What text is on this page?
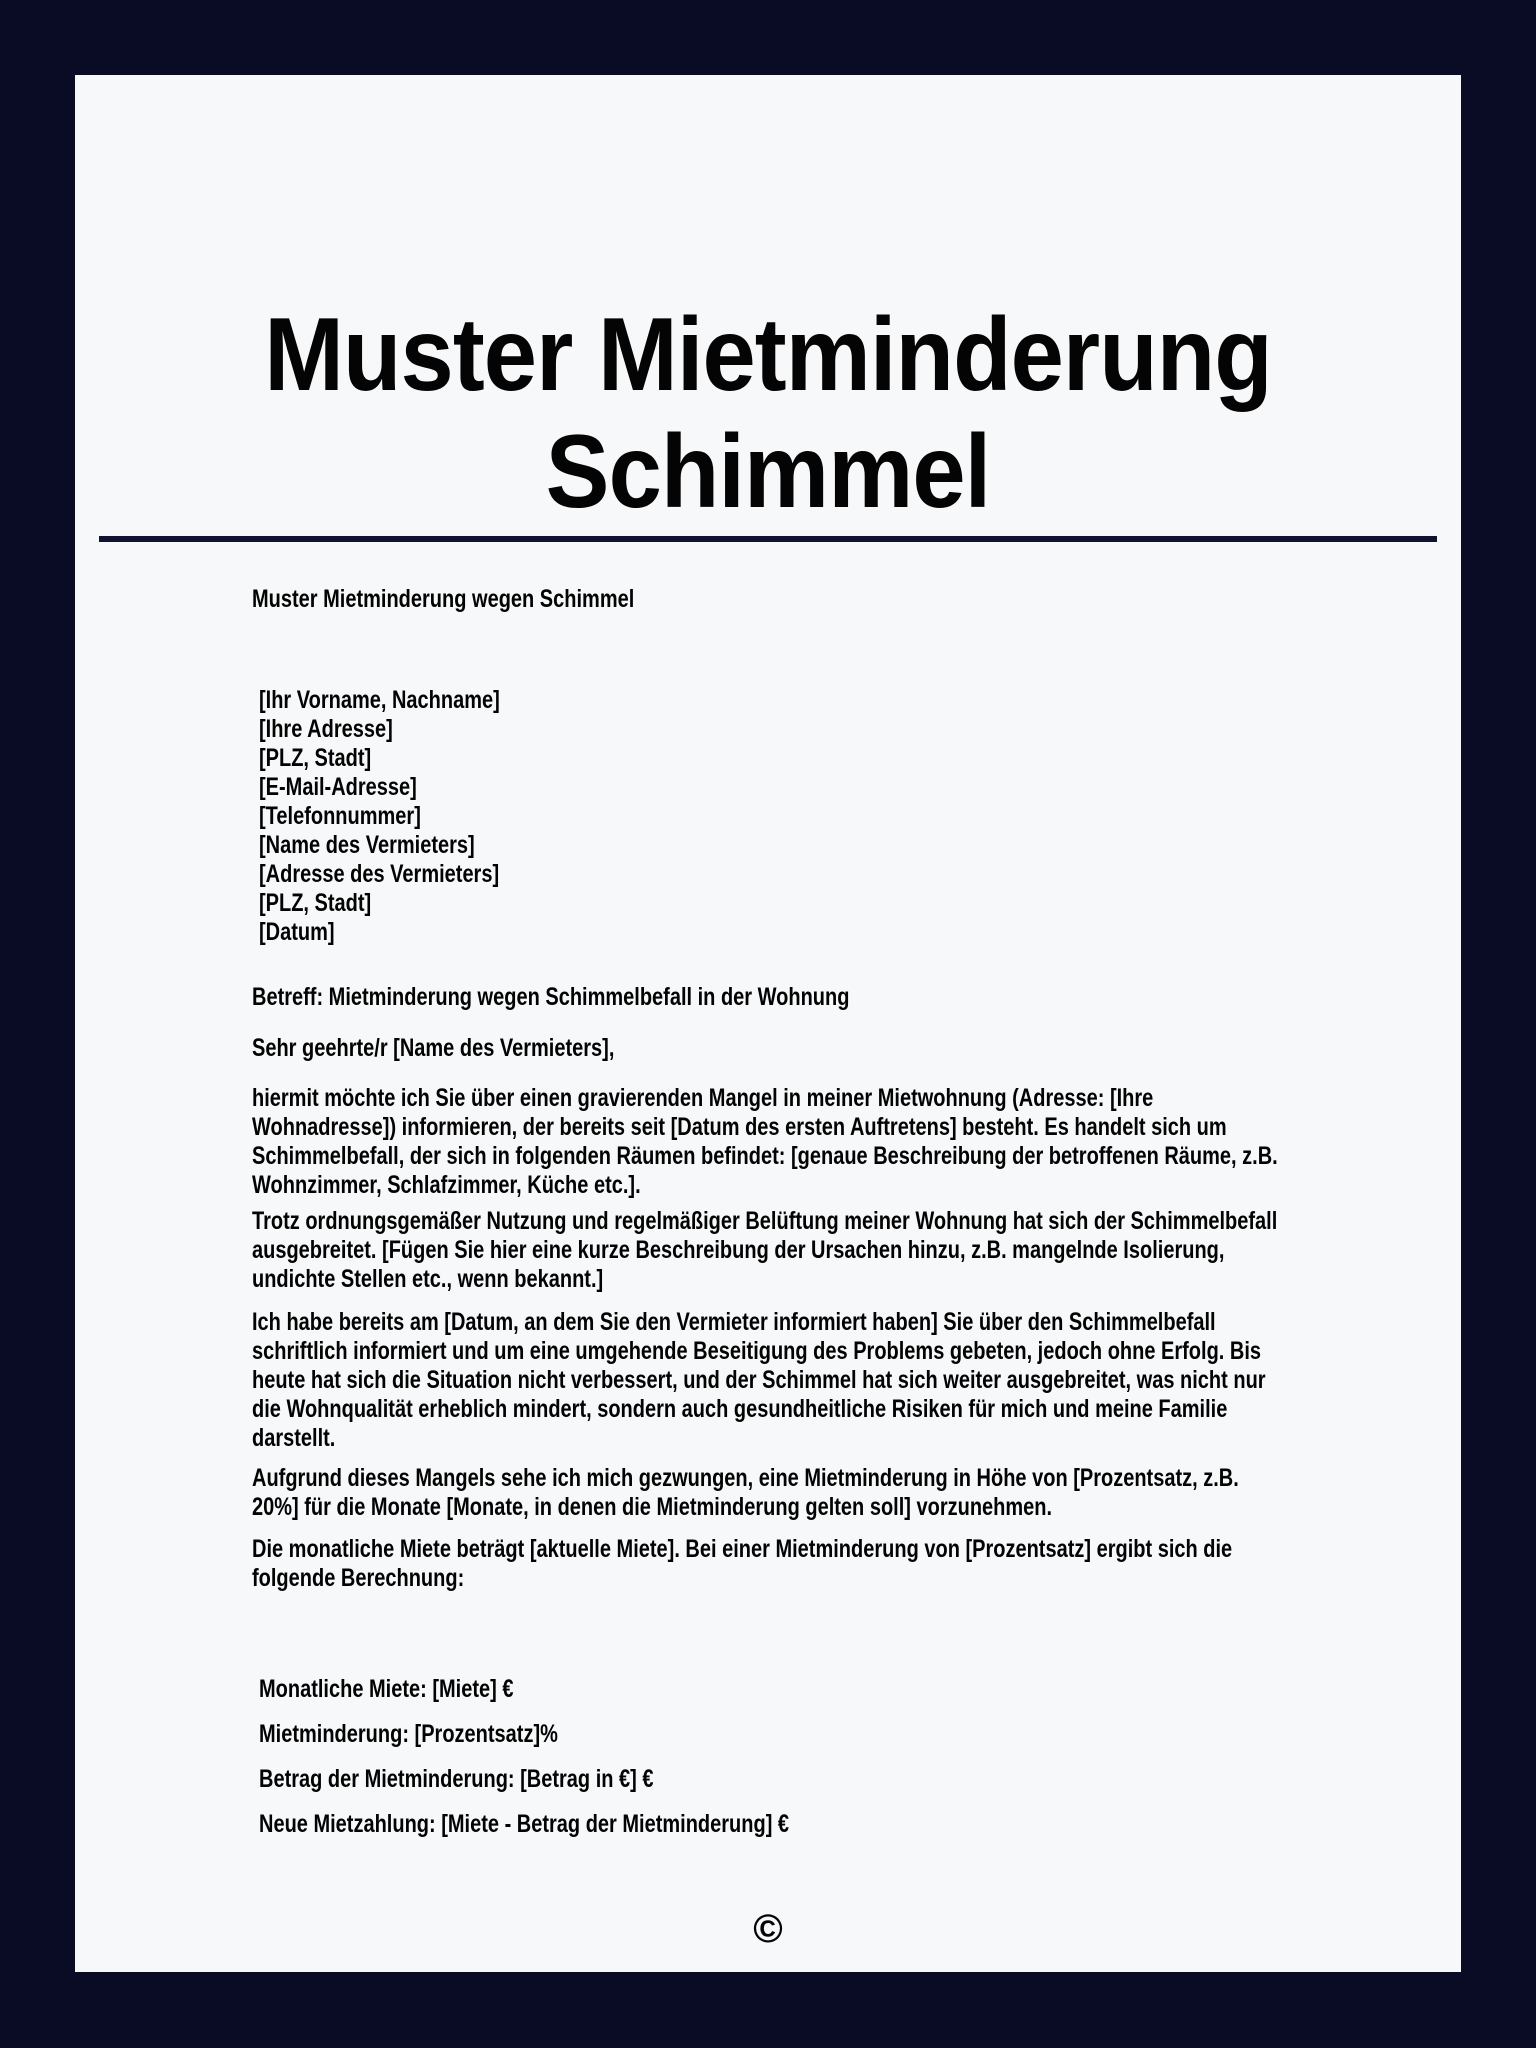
Muster Mietminderung
Schimmel
Muster Mietminderung wegen Schimmel
[Ihr Vorname, Nachname]
[Ihre Adresse]
[PLZ, Stadt]
[E-Mail-Adresse]
[Telefonnummer]
[Name des Vermieters]
[Adresse des Vermieters]
[PLZ, Stadt]
[Datum]
Betreff: Mietminderung wegen Schimmelbefall in der Wohnung
Sehr geehrte/r [Name des Vermieters],
hiermit möchte ich Sie über einen gravierenden Mangel in meiner Mietwohnung (Adresse: [Ihre
Wohnadresse]) informieren, der bereits seit [Datum des ersten Auftretens] besteht. Es handelt sich um
Schimmelbefall, der sich in folgenden Räumen befindet: [genaue Beschreibung der betroffenen Räume, z.B.
Wohnzimmer, Schlafzimmer, Küche etc.].
Trotz ordnungsgemäßer Nutzung und regelmäßiger Belüftung meiner Wohnung hat sich der Schimmelbefall
ausgebreitet. [Fügen Sie hier eine kurze Beschreibung der Ursachen hinzu, z.B. mangelnde Isolierung,
undichte Stellen etc., wenn bekannt.]
Ich habe bereits am [Datum, an dem Sie den Vermieter informiert haben] Sie über den Schimmelbefall
schriftlich informiert und um eine umgehende Beseitigung des Problems gebeten, jedoch ohne Erfolg. Bis
heute hat sich die Situation nicht verbessert, und der Schimmel hat sich weiter ausgebreitet, was nicht nur
die Wohnqualität erheblich mindert, sondern auch gesundheitliche Risiken für mich und meine Familie
darstellt.
Aufgrund dieses Mangels sehe ich mich gezwungen, eine Mietminderung in Höhe von [Prozentsatz, z.B.
20%] für die Monate [Monate, in denen die Mietminderung gelten soll] vorzunehmen.
Die monatliche Miete beträgt [aktuelle Miete]. Bei einer Mietminderung von [Prozentsatz] ergibt sich die
folgende Berechnung:
Monatliche Miete: [Miete] €
Mietminderung: [Prozentsatz]%
Betrag der Mietminderung: [Betrag in €] €
Neue Mietzahlung: [Miete - Betrag der Mietminderung] €
©
